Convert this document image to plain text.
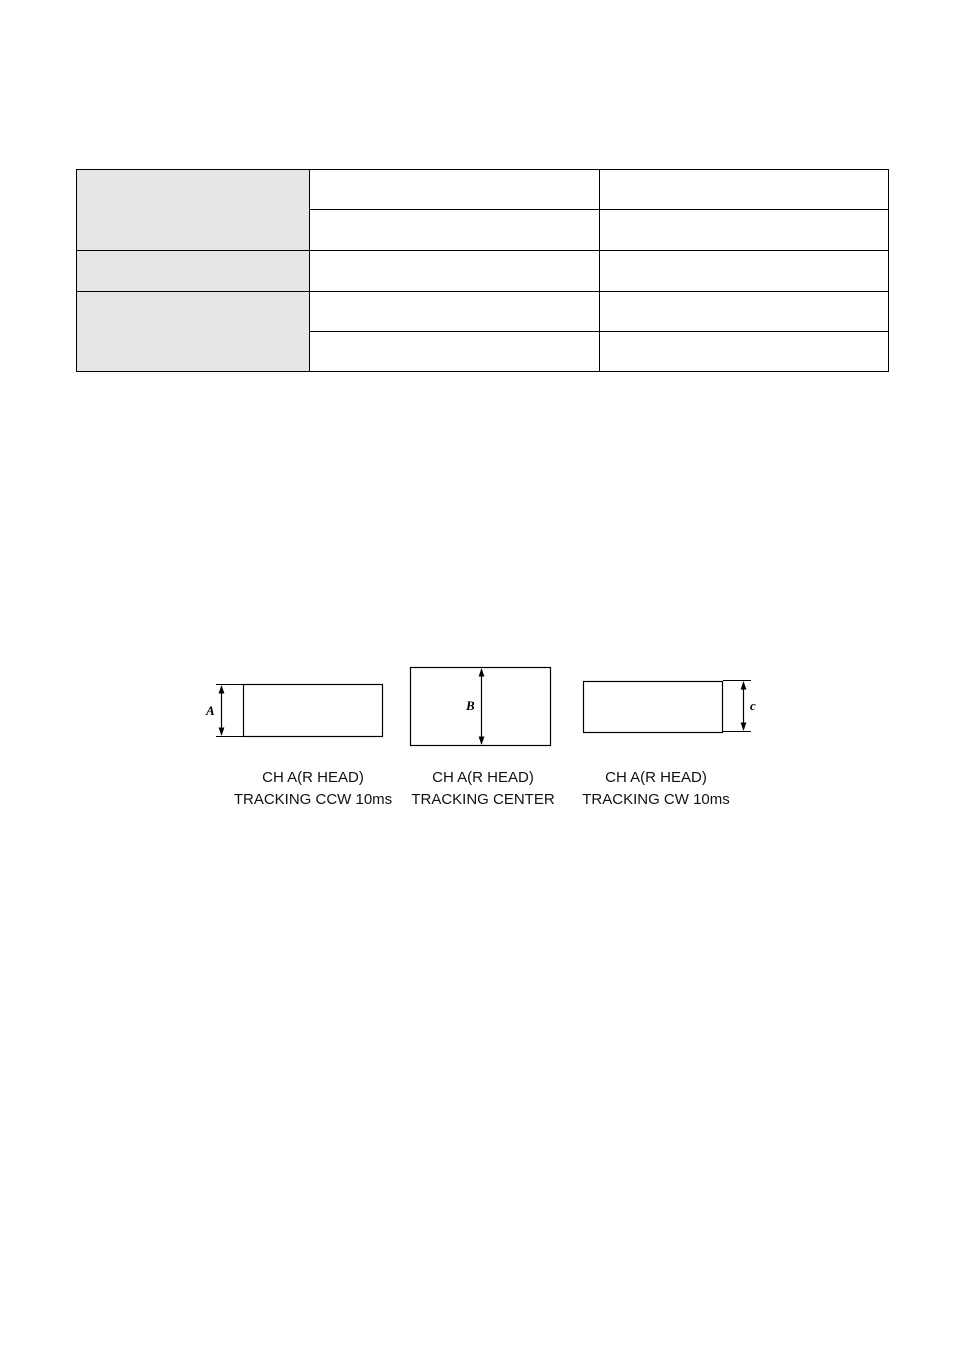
A
CH A(R HEAD)
TRACKING CCW 10ms
B
CH A(R HEAD)
TRACKING CENTER
c
CH A(R HEAD)
TRACKING CW 10ms
